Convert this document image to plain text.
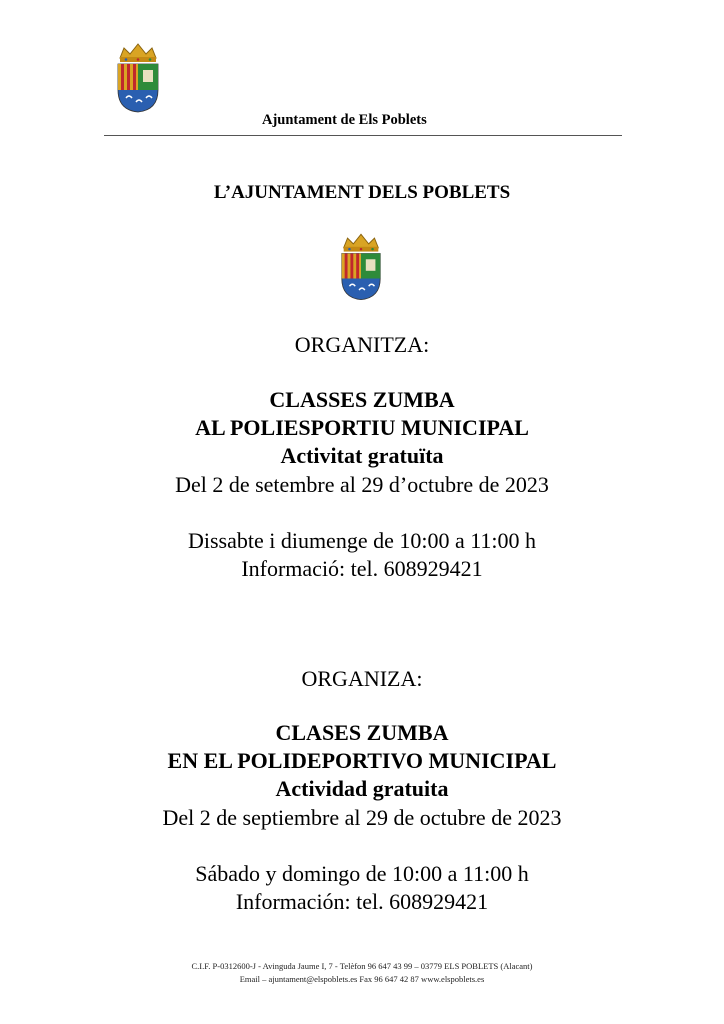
Ajuntament de Els Poblets
L’AJUNTAMENT DELS POBLETS
ORGANITZA:
CLASSES ZUMBA
AL POLIESPORTIU MUNICIPAL
Activitat gratuïta
Del 2 de setembre al 29 d’octubre de 2023
Dissabte i diumenge de 10:00 a 11:00 h
Informació: tel. 608929421
ORGANIZA:
CLASES ZUMBA
EN EL POLIDEPORTIVO MUNICIPAL
Actividad gratuita
Del 2 de septiembre al 29 de octubre de 2023
Sábado y domingo de 10:00 a 11:00 h
Información: tel. 608929421
C.I.F. P-0312600-J - Avinguda Jaume I, 7 - Telèfon 96 647 43 99 – 03779 ELS POBLETS (Alacant)
Email – ajuntament@elspoblets.es Fax 96 647 42 87 www.elspoblets.es
